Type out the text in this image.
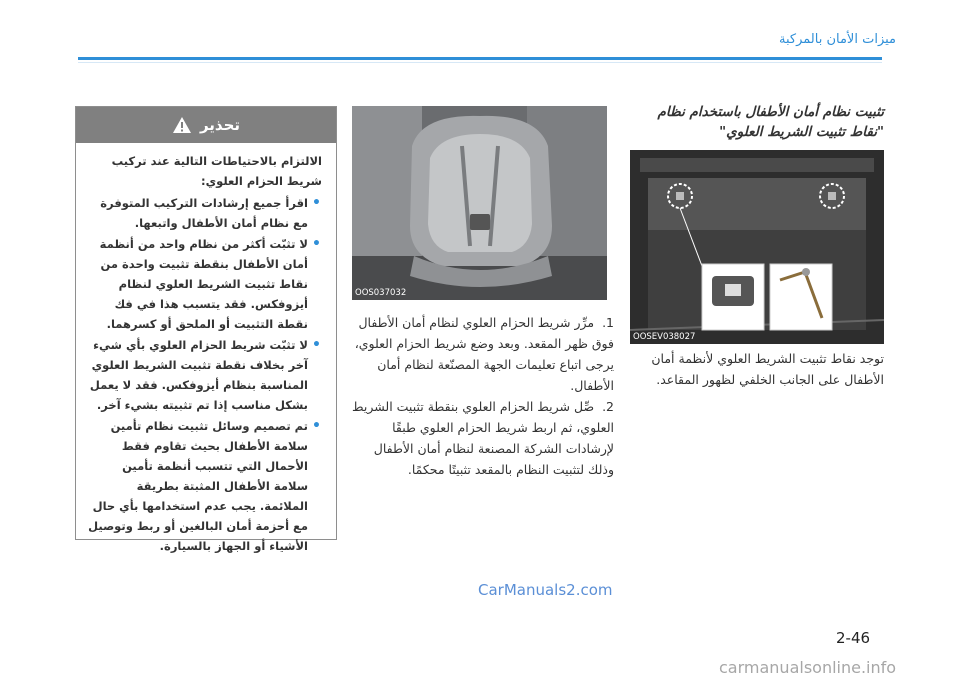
ميزات الأمان بالمركبة
تحذير

الالتزام بالاحتياطات التالية عند تركيب شريط الحزام العلوي:

• اقرأ جميع إرشادات التركيب المتوفرة مع نظام أمان الأطفال واتبعها.
• لا تثبّت أكثر من نظام واحد من أنظمة أمان الأطفال بنقطة تثبيت واحدة من نقاط تثبيت الشريط العلوي لنظام أيزوفكس. فقد يتسبب هذا في فك نقطة التثبيت أو الملحق أو كسرهما.
• لا تثبّت شريط الحزام العلوي بأي شيء آخر بخلاف نقطة تثبيت الشريط العلوي المناسبة بنظام أيزوفكس. فقد لا يعمل بشكل مناسب إذا تم تثبيته بشيء آخر.
• تم تصميم وسائل تثبيت نظام تأمين سلامة الأطفال بحيث تقاوم فقط الأحمال التي تتسبب أنظمة تأمين سلامة الأطفال المثبتة بطريقة الملائمة. يجب عدم استخدامها بأي حال مع أحزمة أمان البالغين أو ربط وتوصيل الأشياء أو الجهاز بالسيارة.
OOS037032
OOSEV038027
تثبيت نظام أمان الأطفال باستخدام نظام "نقاط تثبيت الشريط العلوي"

1. مرِّر شريط الحزام العلوي لنظام أمان الأطفال فوق ظهر المقعد. وبعد وضع شريط الحزام العلوي، يرجى اتباع تعليمات الجهة المصنّعة لنظام أمان الأطفال.

2. صِّل شريط الحزام العلوي بنقطة تثبيت الشريط العلوي، ثم اربط شريط الحزام العلوي طبقًا لإرشادات الشركة المصنعة لنظام أمان الأطفال وذلك لتثبيت النظام بالمقعد تثبيتًا محكمًا.

توجد نقاط تثبيت الشريط العلوي لأنظمة أمان الأطفال على الجانب الخلفي لظهور المقاعد.
CarManuals2.com
2-46
carmanualsonline.info
